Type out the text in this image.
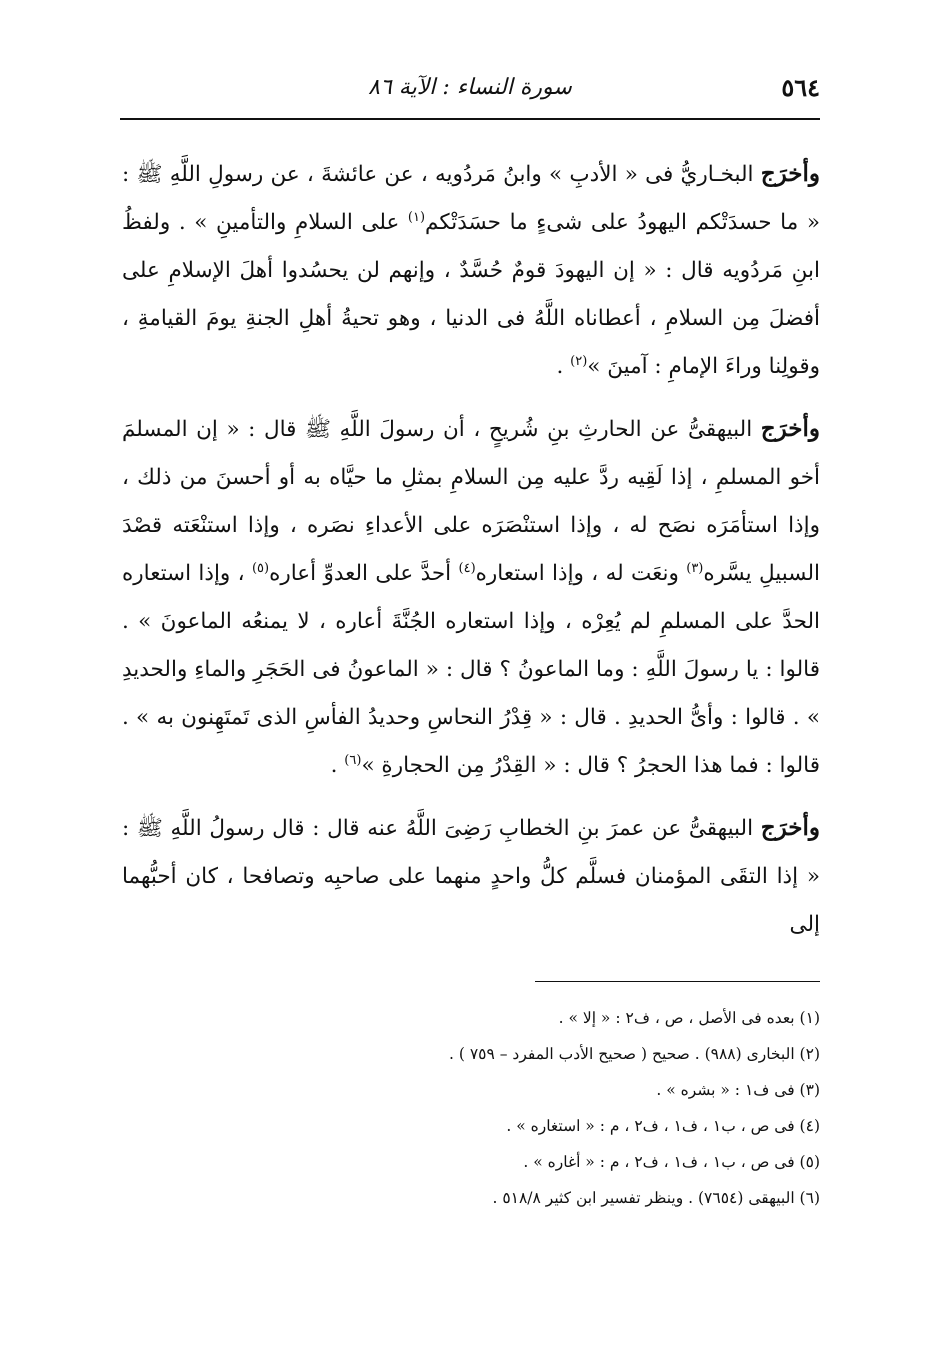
٥٦٤
سورة النساء : الآية ٨٦

وأخرَج البخـاريُّ فى « الأدبِ » وابنُ مَردُويه ، عن عائشةَ ، عن رسولِ اللَّهِ ﷺ : « ما حسدَتْكم اليهودُ على شىءٍ ما حسَدَتْكم$^{(١)}$ على السلامِ والتأمينِ » . ولفظُ ابنِ مَردُويه قال : « إن اليهودَ قومٌ حُسَّدٌ ، وإنهم لن يحسُدوا أهلَ الإسلامِ على أفضلَ مِن السلامِ ، أعطاناه اللَّهُ فى الدنيا ، وهو تحيةُ أهلِ الجنةِ يومَ القيامةِ ، وقولِنا وراءَ الإمامِ : آمينَ »$^{(٢)}$ .

وأخرَج البيهقىُّ عن الحارثِ بنِ شُريحٍ ، أن رسولَ اللَّهِ ﷺ قال : « إن المسلمَ أخو المسلمِ ، إذا لَقِيه ردَّ عليه مِن السلامِ بمثلِ ما حيَّاه به أو أحسنَ من ذلك ، وإذا استأمَرَه نصَح له ، وإذا استنْصَرَه على الأعداءِ نصَره ، وإذا استنْعَته قصْدَ السبيلِ يسَّره$^{(٣)}$ ونعَت له ، وإذا استعاره$^{(٤)}$ أحدَّ على العدوِّ أعاره$^{(٥)}$ ، وإذا استعاره الحدَّ على المسلمِ لم يُعِرْه ، وإذا استعاره الجُنَّةَ أعاره ، لا يمنعُه الماعونَ » . قالوا : يا رسولَ اللَّهِ : وما الماعونُ ؟ قال : « الماعونُ فى الحَجَرِ والماءِ والحديدِ » . قالوا : وأىُّ الحديدِ . قال : « قِدْرُ النحاسِ وحديدُ الفأسِ الذى تَمتَهِنون به » . قالوا : فما هذا الحجرُ ؟ قال : « القِدْرُ مِن الحجارةِ »$^{(٦)}$ .

وأخرَج البيهقىُّ عن عمرَ بنِ الخطابِ رَضِىَ اللَّهُ عنه قال : قال رسولُ اللَّهِ ﷺ : « إذا التقَى المؤمنان فسلَّم كلُّ واحدٍ منهما على صاحبِه وتصافحا ، كان أحبُّهما إلى

(١) بعده فى الأصل ، ص ، ف٢ : « إلا » .
(٢) البخارى (٩٨٨) . صحيح ( صحيح الأدب المفرد – ٧٥٩ ) .
(٣) فى ف١ : « بشره » .
(٤) فى ص ، ب١ ، ف١ ، ف٢ ، م : « استغاره » .
(٥) فى ص ، ب١ ، ف١ ، ف٢ ، م : « أغاره » .
(٦) البيهقى (٧٦٥٤) . وينظر تفسير ابن كثير ٥١٨/٨ .
